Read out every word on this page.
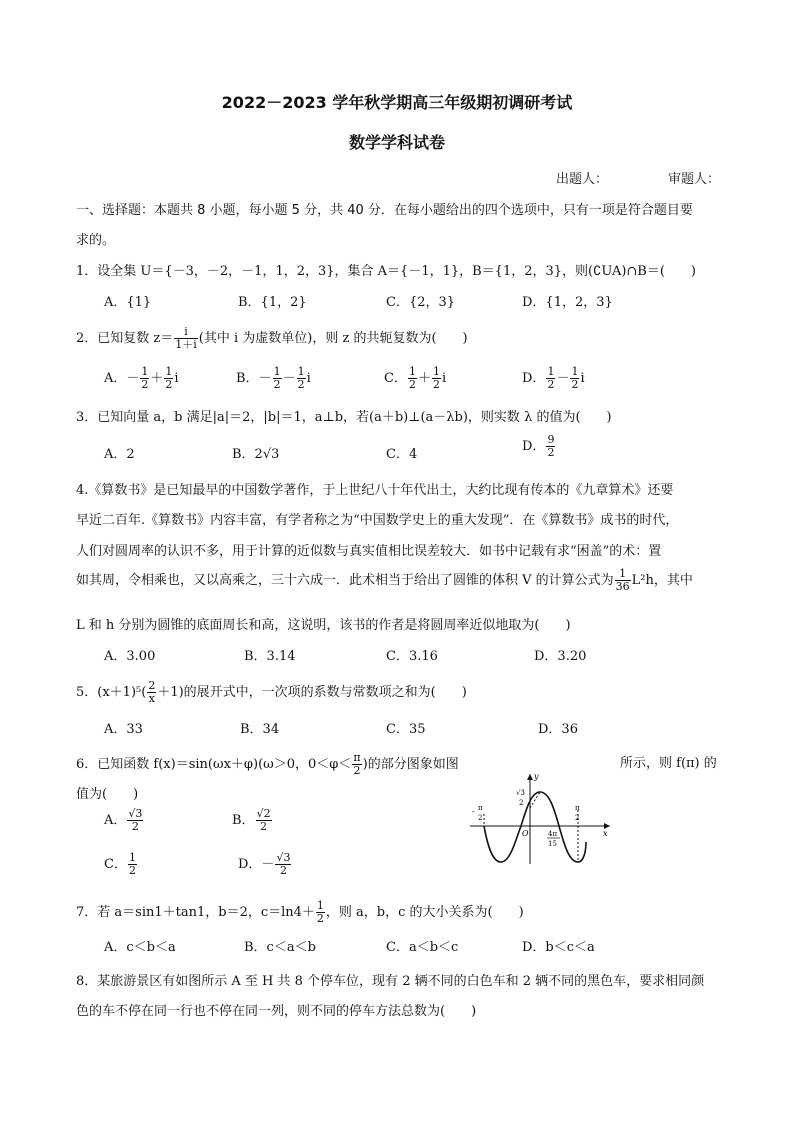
2022－2023 学年秋学期高三年级期初调研考试
数学学科试卷
出题人：	审题人：
一、选择题：本题共 8 小题，每小题 5 分，共 40 分．在每小题给出的四个选项中，只有一项是符合题目要
求的。
1．设全集 U＝{－3，－2，－1，1，2，3}，集合 A＝{－1，1}，B＝{1，2，3}，则(∁UA)∩B＝(　　)
A．{1}	B．{1，2}	C．{2，3}	D．{1，2，3}
2．已知复数 $z= \frac{i}{1+i}$ (其中 i 为虚数单位)，则 z 的共轭复数为(　　)
A．－ $\frac{1}{2} + \frac{1}{2}$ i	B．－ $\frac{1}{2} - \frac{1}{2}$ i	C． $\frac{1}{2} + \frac{1}{2}$ i	D． $\frac{1}{2} - \frac{1}{2}$ i
3．已知向量 a，b 满足|a|＝2，|b|＝1，a⊥b，若(a＋b)⊥(a－λb)，则实数 λ 的值为(　　)
A．2	B．2√3	C．4
D． $\frac{9}{2}$
4.《算数书》是已知最早的中国数学著作，于上世纪八十年代出土，大约比现有传本的《九章算术》还要
早近二百年.《算数书》内容丰富，有学者称之为“中国数学史上的重大发现”．在《算数书》成书的时代，
人们对圆周率的认识不多，用于计算的近似数与真实值相比误差较大．如书中记载有求“困盖”的术：置
如其周，令相乘也，又以高乘之，三十六成一．此术相当于给出了圆锥的体积 V 的计算公式为 $\frac{1}{36} L^2h$，其中
L 和 h 分别为圆锥的底面周长和高，这说明，该书的作者是将圆周率近似地取为(　　)
A．3.00	B．3.14	C．3.16	D．3.20
5．$(x+1)^5( \frac{2}{x} +1)$的展开式中，一次项的系数与常数项之和为(　　)
A．33	B．34	C．35	D．36
6．已知函数 f(x)＝sin(ωx＋φ)(ω＞0，$0<\varphi< \frac{\pi}{2}$ )的部分图象如图	所示，则 f(π) 的
值为(　　)
A． $\frac{√3}{2}$	B． $\frac{√2}{2}$
C． $\frac{1}{2}$	D．－ $\frac{√3}{2}$
y
x
O
- π
2
√3
2
4π
15
π
2
7．若 a＝sin1＋tan1，b＝2，$c=\ln 4+ \frac{1}{2}$ ，则 a，b，c 的大小关系为(　　)
A．c＜b＜a	B．c＜a＜b	C．a＜b＜c	D．b＜c＜a
8．某旅游景区有如图所示 A 至 H 共 8 个停车位，现有 2 辆不同的白色车和 2 辆不同的黑色车，要求相同颜
色的车不停在同一行也不停在同一列，则不同的停车方法总数为(　　)
